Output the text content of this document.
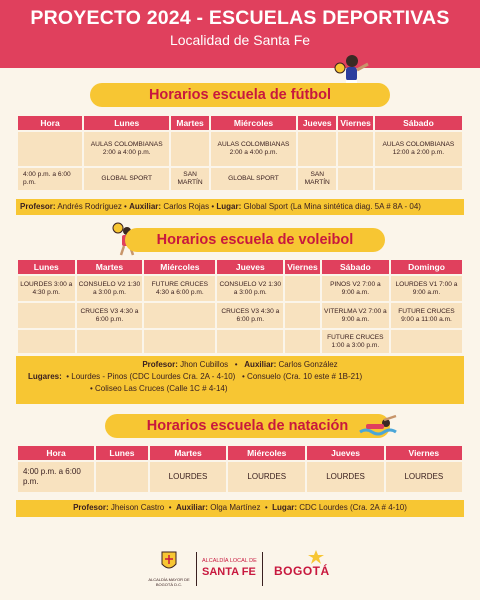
PROYECTO 2024 - ESCUELAS DEPORTIVAS
Localidad de Santa Fe
Horarios escuela de fútbol
Hora	Lunes	Martes	Miércoles	Jueves	Viernes	Sábado
	AULAS COLOMBIANAS 2:00 a 4:00 p.m.		AULAS COLOMBIANAS 2:00 a 4:00 p.m.			AULAS COLOMBIANAS 12:00 a 2:00 p.m.
4:00 p.m. a 6:00 p.m.	GLOBAL SPORT	SAN MARTÍN	GLOBAL SPORT	SAN MARTÍN		
Profesor: Andrés Rodríguez • Auxiliar: Carlos Rojas • Lugar: Global Sport (La Mina sintética diag. 5A # 8A - 04)
Horarios escuela de voleibol
Lunes	Martes	Miércoles	Jueves	Viernes	Sábado	Domingo
LOURDES 3:00 a 4:30 p.m.	CONSUELO V2 1:30 a 3:00 p.m.	FUTURE CRUCES 4:30 a 6:00 p.m.	CONSUELO V2 1:30 a 3:00 p.m.		PINOS V2 7:00 a 9:00 a.m.	LOURDES V1 7:00 a 9:00 a.m.
	CRUCES V3 4:30 a 6:00 p.m.		CRUCES V3 4:30 a 6:00 p.m.		VITERLMA V2 7:00 a 9:00 a.m.	FUTURE CRUCES 9:00 a 11:00 a.m.
					FUTURE CRUCES 1:00 a 3:00 p.m.	
Profesor: Jhon Cubillos   •   Auxiliar: Carlos González
Lugares:  • Lourdes - Pinos (CDC Lourdes Cra. 2A - 4-10)   • Consuelo (Cra. 10 este # 1B-21)
• Coliseo Las Cruces (Calle 1C # 4-14)
Horarios escuela de natación
Hora	Lunes	Martes	Miércoles	Jueves	Viernes
4:00 p.m. a 6:00 p.m.		LOURDES	LOURDES	LOURDES	LOURDES
Profesor: Jheison Castro  •  Auxiliar: Olga Martínez  •  Lugar: CDC Lourdes (Cra. 2A # 4-10)
ALCALDÍA MAYOR DE BOGOTÁ D.C.
ALCALDÍA LOCAL DE
SANTA FE BOGOTÁ
